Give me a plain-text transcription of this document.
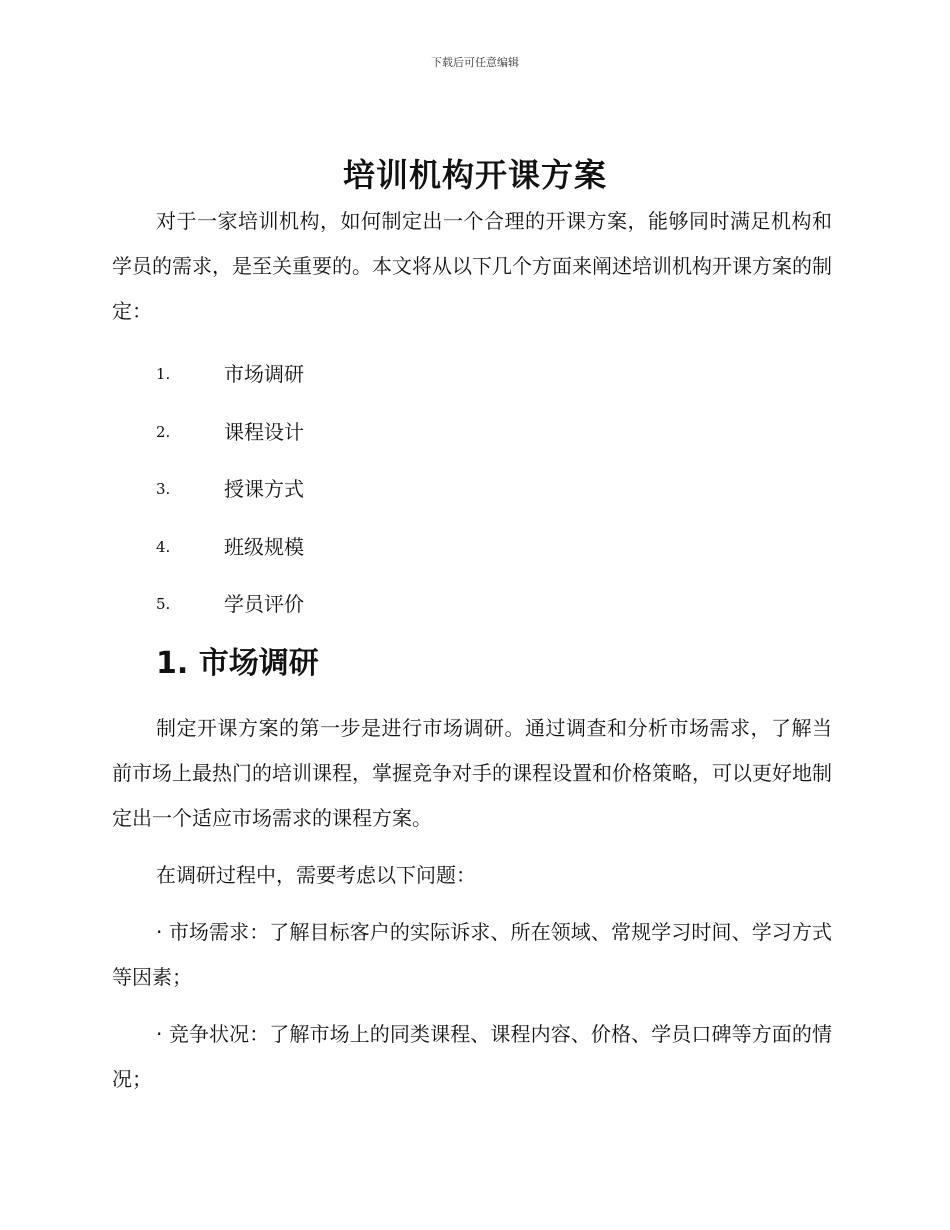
下载后可任意编辑
培训机构开课方案

对于一家培训机构，如何制定出一个合理的开课方案，能够同时满足机构和学员的需求，是至关重要的。本文将从以下几个方面来阐述培训机构开课方案的制定：

1.	市场调研
2.	课程设计
3.	授课方式
4.	班级规模
5.	学员评价
1. 市场调研

制定开课方案的第一步是进行市场调研。通过调查和分析市场需求，了解当前市场上最热门的培训课程，掌握竞争对手的课程设置和价格策略，可以更好地制定出一个适应市场需求的课程方案。

在调研过程中，需要考虑以下问题：

· 市场需求：了解目标客户的实际诉求、所在领域、常规学习时间、学习方式等因素；

· 竞争状况：了解市场上的同类课程、课程内容、价格、学员口碑等方面的情况；
